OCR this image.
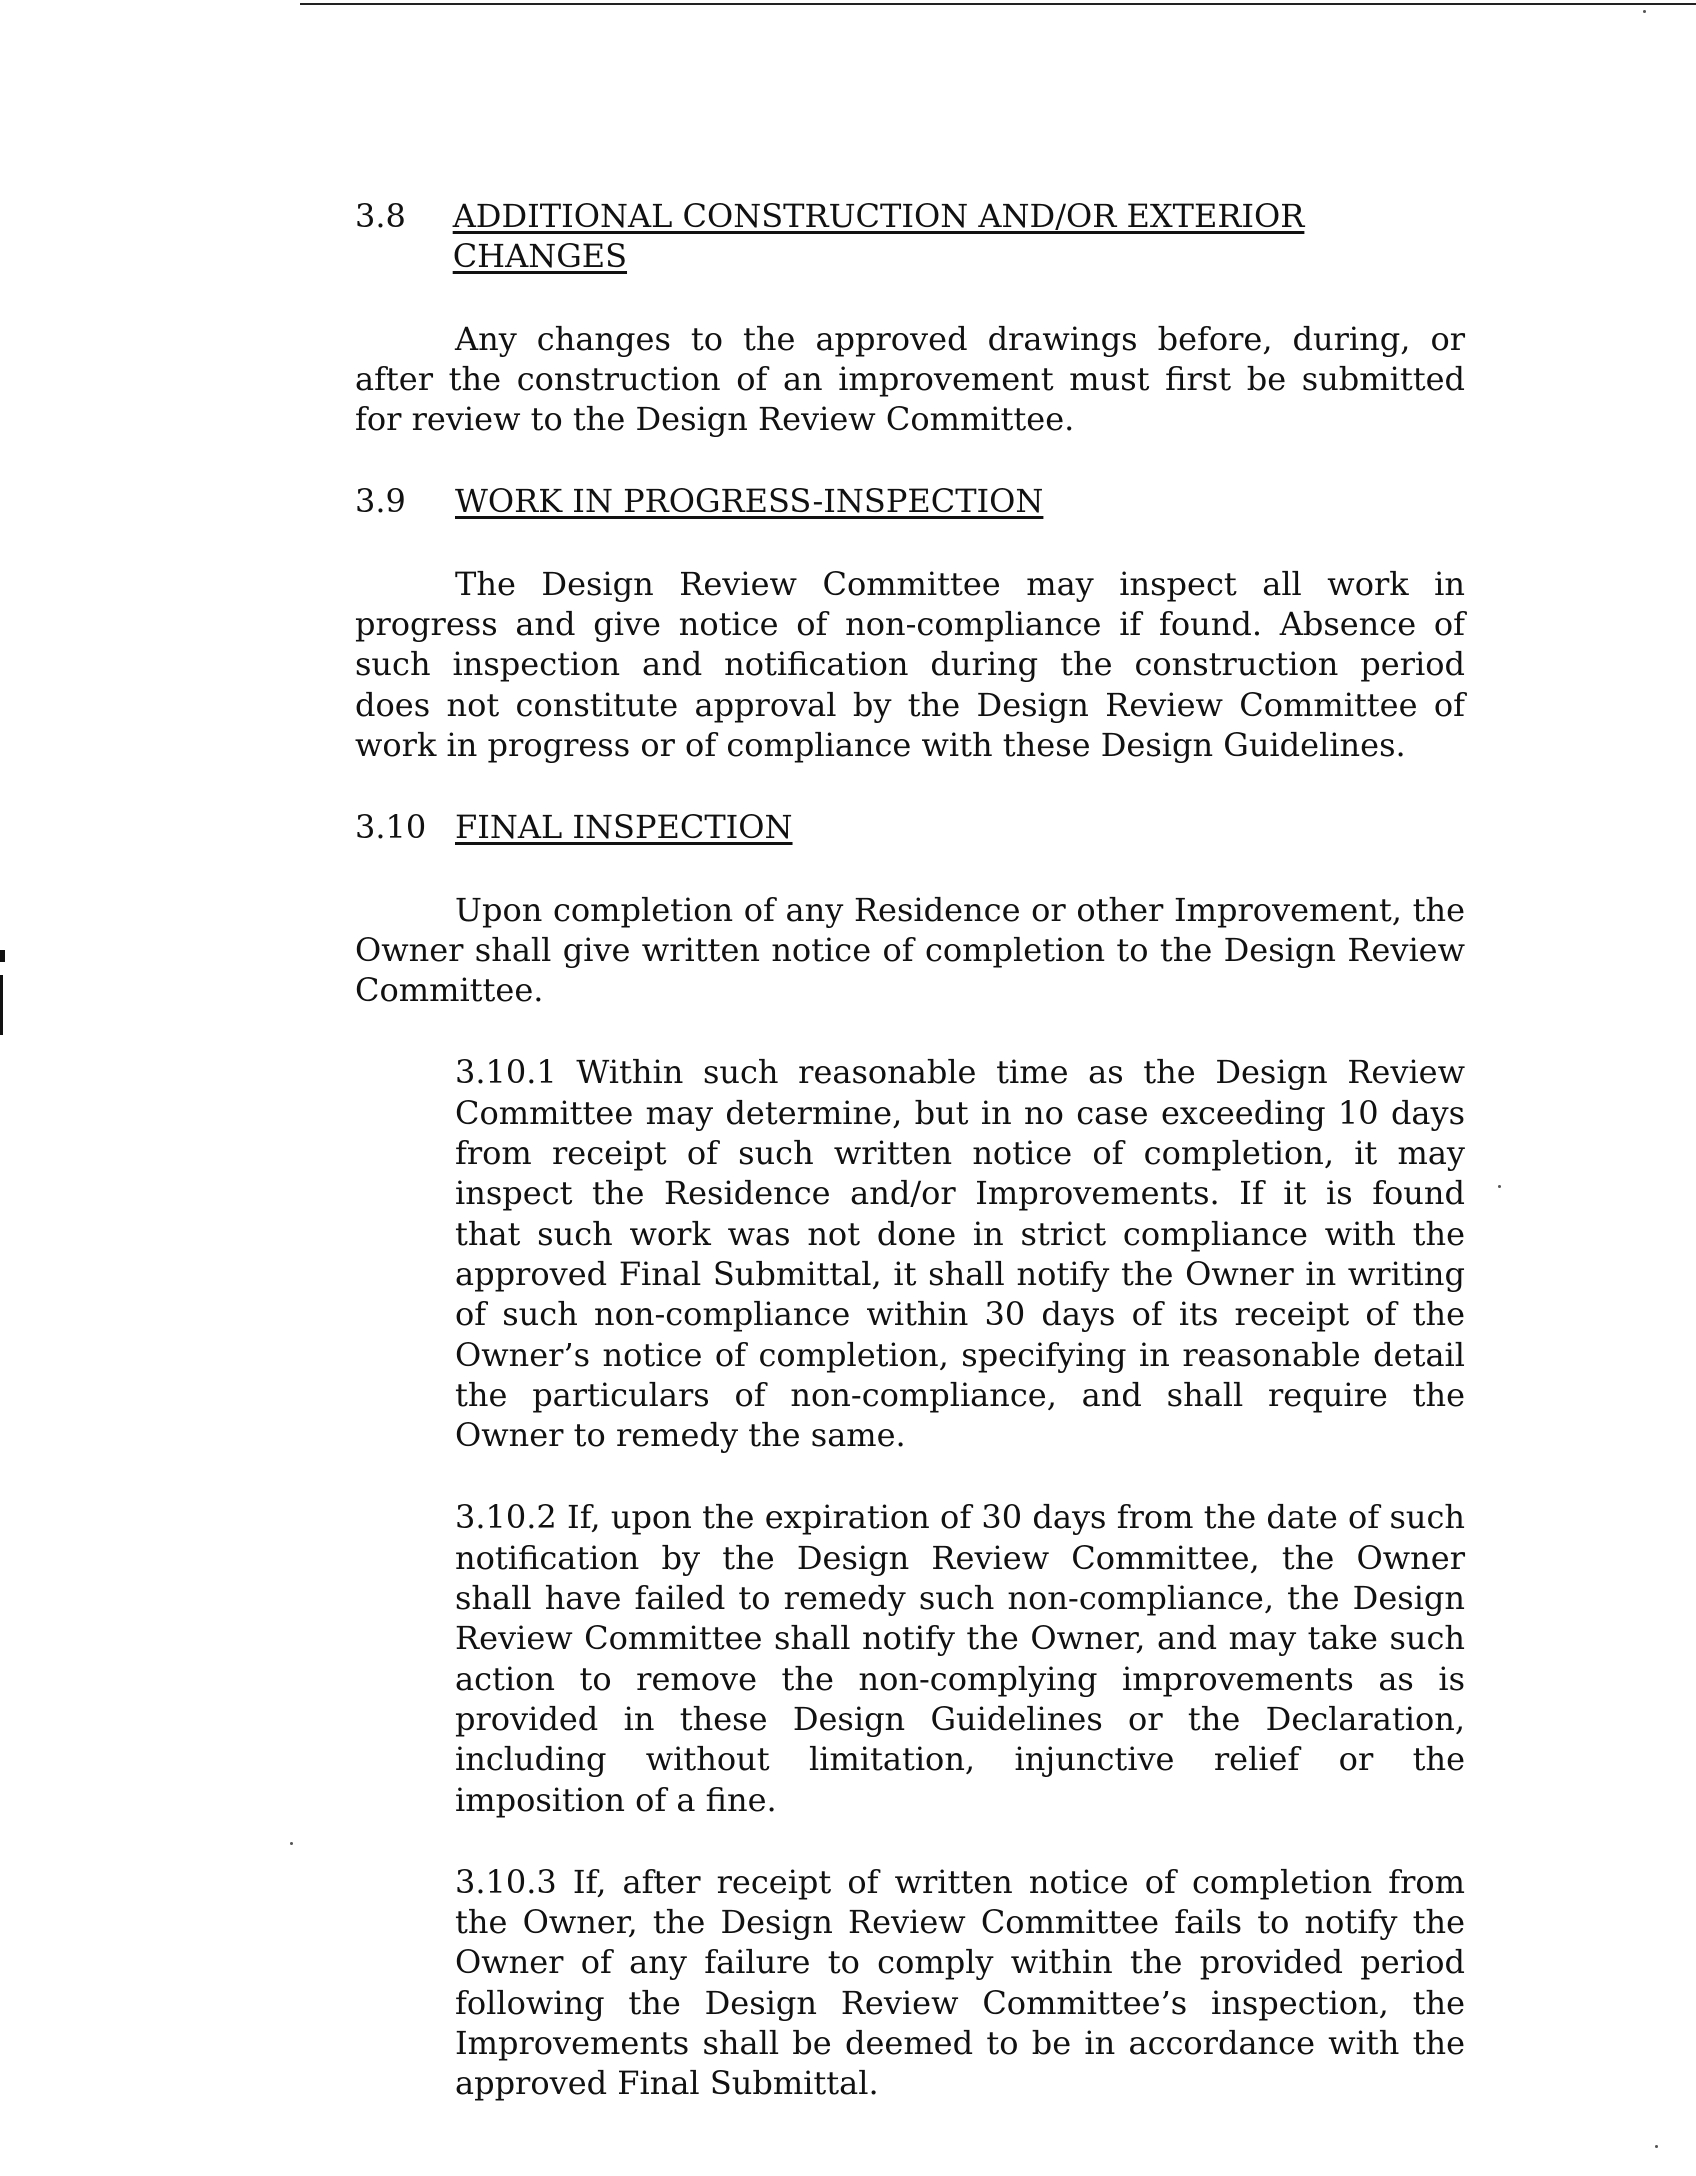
3.8	ADDITIONAL CONSTRUCTION AND/OR EXTERIOR CHANGES

Any changes to the approved drawings before, during, or after the construction of an improvement must first be submitted for review to the Design Review Committee.

3.9	WORK IN PROGRESS-INSPECTION

The Design Review Committee may inspect all work in progress and give notice of non-compliance if found. Absence of such inspection and notification during the construction period does not constitute approval by the Design Review Committee of work in progress or of compliance with these Design Guidelines.

3.10 FINAL INSPECTION

Upon completion of any Residence or other Improvement, the Owner shall give written notice of completion to the Design Review Committee.

3.10.1 Within such reasonable time as the Design Review Committee may determine, but in no case exceeding 10 days from receipt of such written notice of completion, it may inspect the Residence and/or Improvements. If it is found that such work was not done in strict compliance with the approved Final Submittal, it shall notify the Owner in writing of such non-compliance within 30 days of its receipt of the Owner’s notice of completion, specifying in reasonable detail the particulars of non-compliance, and shall require the Owner to remedy the same.

3.10.2 If, upon the expiration of 30 days from the date of such notification by the Design Review Committee, the Owner shall have failed to remedy such non-compliance, the Design Review Committee shall notify the Owner, and may take such action to remove the non-complying improvements as is provided in these Design Guidelines or the Declaration, including without limitation, injunctive relief or the imposition of a fine.

3.10.3 If, after receipt of written notice of completion from the Owner, the Design Review Committee fails to notify the Owner of any failure to comply within the provided period following the Design Review Committee’s inspection, the Improvements shall be deemed to be in accordance with the approved Final Submittal.
